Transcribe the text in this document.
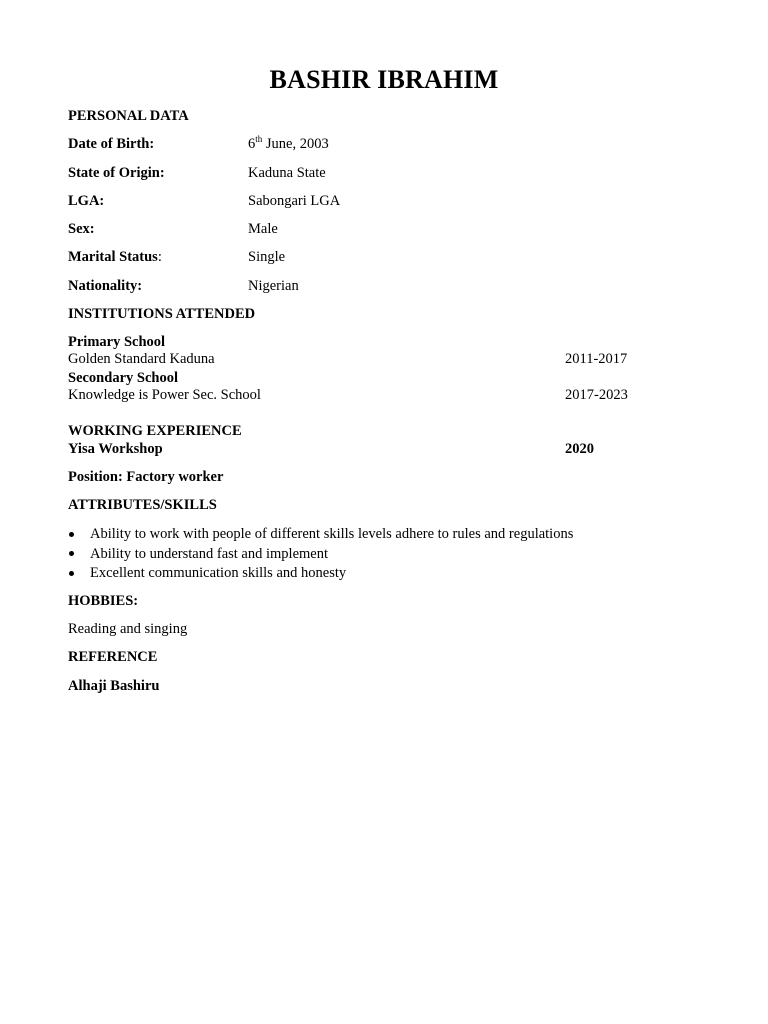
BASHIR IBRAHIM
PERSONAL DATA
Date of Birth:	6th June, 2003
State of Origin:	Kaduna State
LGA:	Sabongari LGA
Sex:	Male
Marital Status:	Single
Nationality:	Nigerian
INSTITUTIONS ATTENDED
Primary School
Golden Standard Kaduna	2011-2017
Secondary School
Knowledge is Power Sec. School	2017-2023
WORKING EXPERIENCE
Yisa Workshop	2020
Position: Factory worker
ATTRIBUTES/SKILLS
Ability to work with people of different skills levels adhere to rules and regulations
Ability to understand fast and implement
Excellent communication skills and honesty
HOBBIES:
Reading and singing
REFERENCE
Alhaji Bashiru
